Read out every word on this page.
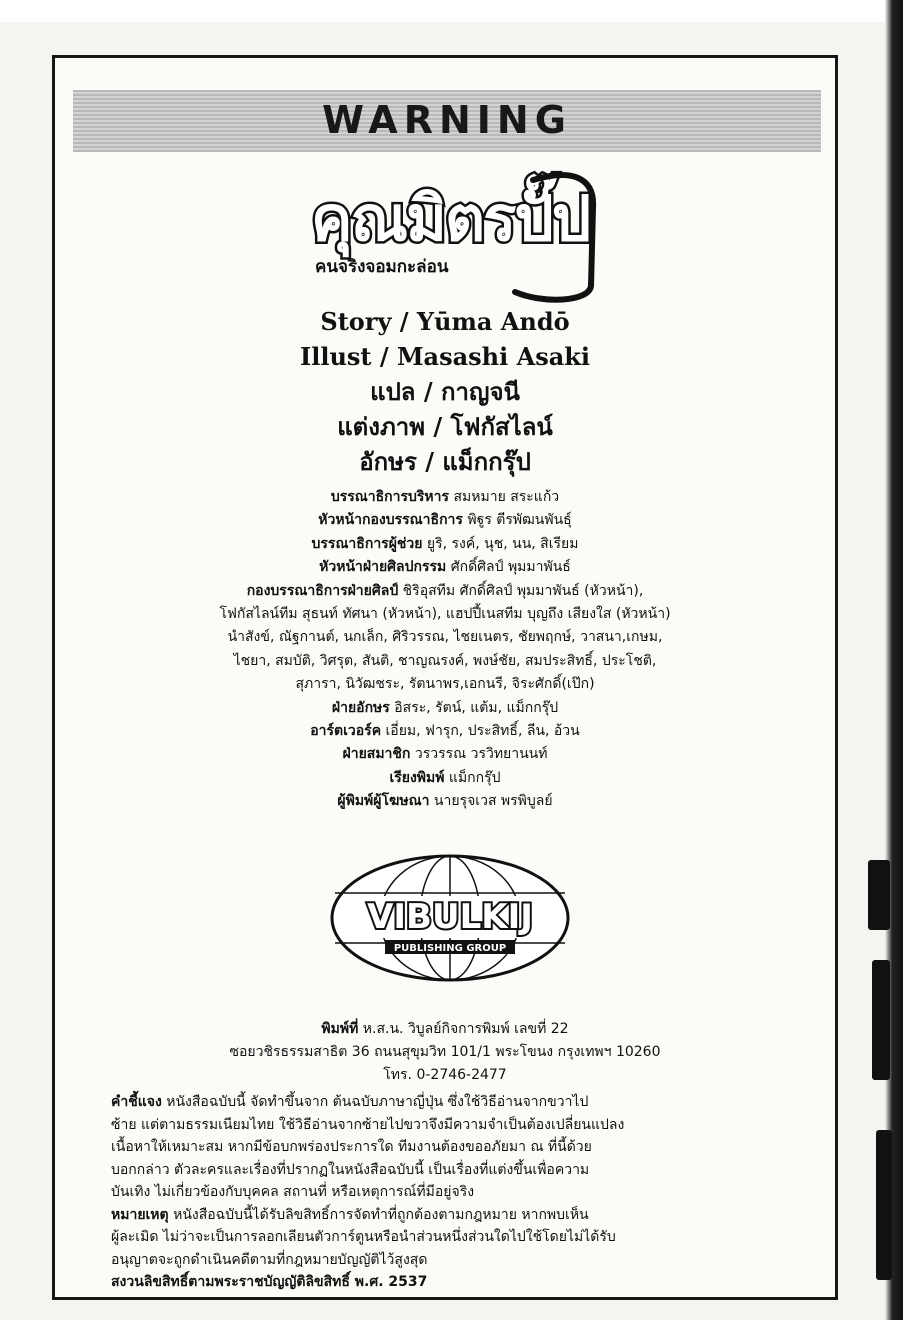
WARNING
คุณมิตรปั๊ป
คนจริงจอมกะล่อน
Story / Yūma Andō
Illust / Masashi Asaki
แปล / กาญจนี
แต่งภาพ / โฟกัสไลน์
อักษร / แม็กกรุ๊ป
บรรณาธิการบริหาร สมหมาย สระแก้ว
หัวหน้ากองบรรณาธิการ พิฐูร ตีรพัฒนพันธุ์
บรรณาธิการผู้ช่วย ยูริ, รงค์, นุช, นน, สิเรียม
หัวหน้าฝ่ายศิลปกรรม ศักดิ์ศิลป์ พุมมาพันธ์
กองบรรณาธิการฝ่ายศิลป์ ชิริอุสทีม ศักดิ์ศิลป์ พุมมาพันธ์ (หัวหน้า),
โฟกัสไลน์ทีม สุธนท์ ทัศนา (หัวหน้า), แฮปปี้เนสทีม บุญถึง เสียงใส (หัวหน้า)
นำสังข์, ณัฐกานต์, นกเล็ก, ศิริวรรณ, ไชยเนตร, ชัยพฤกษ์, วาสนา,เกษม,
ไชยา, สมบัติ, วิศรุต, สันติ, ชาญณรงค์, พงษ์ชัย, สมประสิทธิ์, ประโชติ,
สุภารา, นิวัฒชระ, รัตนาพร,เอกนรี, จิระศักดิ์(เป๊ก)
ฝ่ายอักษร อิสระ, รัตน์, แต้ม, แม็กกรุ๊ป
อาร์ตเวอร์ค เอี่ยม, ฟารุก, ประสิทธิ์, ลีน, อ้วน
ฝ่ายสมาชิก วรวรรณ วรวิทยานนท์
เรียงพิมพ์ แม็กกรุ๊ป
ผู้พิมพ์ผู้โฆษณา นายรุจเวส พรพิบูลย์
VIBULKIJ
PUBLISHING GROUP
พิมพ์ที่ ห.ส.น. วิบูลย์กิจการพิมพ์ เลขที่ 22
ซอยวชิรธรรมสาธิต 36 ถนนสุขุมวิท 101/1 พระโขนง กรุงเทพฯ 10260
โทร. 0-2746-2477
คำชี้แจง หนังสือฉบับนี้ จัดทำขึ้นจาก ต้นฉบับภาษาญี่ปุ่น ซึ่งใช้วิธีอ่านจากขวาไป
ซ้าย แต่ตามธรรมเนียมไทย ใช้วิธีอ่านจากซ้ายไปขวาจึงมีความจำเป็นต้องเปลี่ยนแปลง
เนื้อหาให้เหมาะสม หากมีข้อบกพร่องประการใด ทีมงานต้องขออภัยมา ณ ที่นี้ด้วย
บอกกล่าว ตัวละครและเรื่องที่ปรากฏในหนังสือฉบับนี้ เป็นเรื่องที่แต่งขึ้นเพื่อความ
บันเทิง ไม่เกี่ยวข้องกับบุคคล สถานที่ หรือเหตุการณ์ที่มีอยู่จริง
หมายเหตุ หนังสือฉบับนี้ได้รับลิขสิทธิ์การจัดทำที่ถูกต้องตามกฎหมาย หากพบเห็น
ผู้ละเมิด ไม่ว่าจะเป็นการลอกเลียนตัวการ์ตูนหรือนำส่วนหนึ่งส่วนใดไปใช้โดยไม่ได้รับ
อนุญาตจะถูกดำเนินคดีตามที่กฎหมายบัญญัติไว้สูงสุด
สงวนลิขสิทธิ์ตามพระราชบัญญัติลิขสิทธิ์ พ.ศ. 2537
